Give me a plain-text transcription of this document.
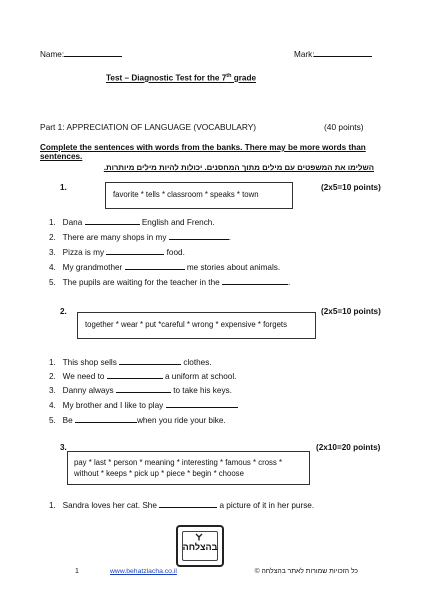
Name:	Mark:
Test – Diagnostic Test for the 7th grade
Part 1: APPRECIATION OF LANGUAGE (VOCABULARY)	(40 points)
Complete the sentences with words from the banks. There may be more words than
sentences.
השלימו את המשפטים עם מילים מתוך המחסנים. יכולות להיות מילים מיותרות.
1.
favorite * tells * classroom * speaks * town
(2x5=10 points)
1. Dana	English and French.
2. There are many shops in my	.
3. Pizza is my	food.
4. My grandmother	me stories about animals.
5. The pupils are waiting for the teacher in the	.
2.
together * wear * put *careful * wrong * expensive * forgets
(2x5=10 points)
1. This shop sells	clothes.
2. We need to	a uniform at school.
3. Danny always	to take his keys.
4. My brother and I like to play
5. Be	when you ride your bike.
3.
pay * last * person * meaning * interesting * famous * cross *
without * keeps * pick up * piece * begin * choose
(2x10=20 points)
1. Sandra loves her cat. She	a picture of it in her purse.
בהצלחה
1	www.behatzlacha.co.il	כל הזכויות שמורות לאתר בהצלחה ©
